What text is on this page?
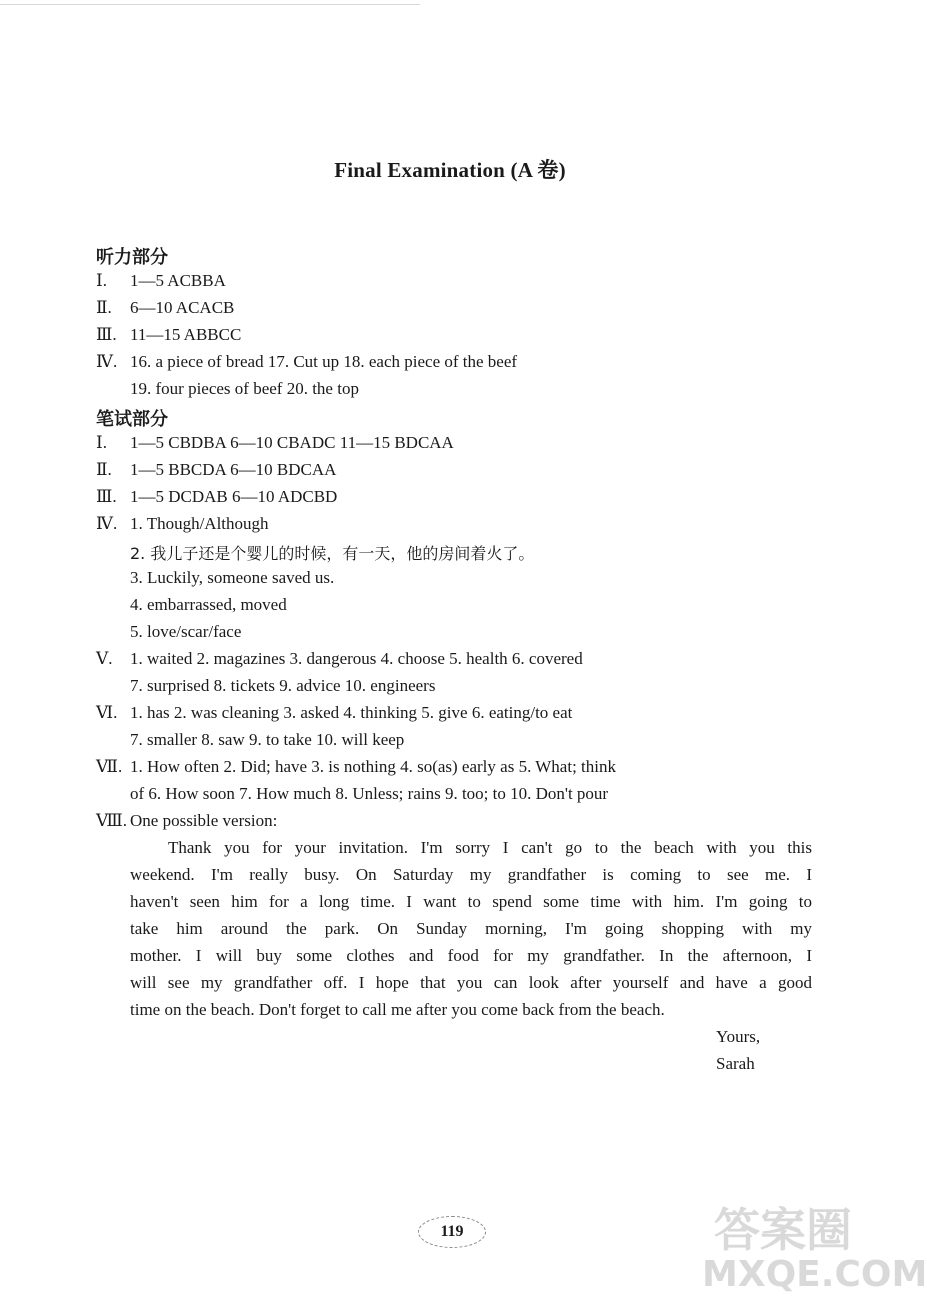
Final Examination (A 卷)
听力部分
Ⅰ. 1—5 ACBBA
Ⅱ. 6—10 ACACB
Ⅲ. 11—15 ABBCC
Ⅳ. 16. a piece of bread 17. Cut up 18. each piece of the beef
19. four pieces of beef 20. the top
笔试部分
Ⅰ. 1—5 CBDBA 6—10 CBADC 11—15 BDCAA
Ⅱ. 1—5 BBCDA 6—10 BDCAA
Ⅲ. 1—5 DCDAB 6—10 ADCBD
Ⅳ. 1. Though/Although
2. 我儿子还是个婴儿的时候，有一天，他的房间着火了。
3. Luckily, someone saved us.
4. embarrassed, moved
5. love/scar/face
Ⅴ. 1. waited 2. magazines 3. dangerous 4. choose 5. health 6. covered
7. surprised 8. tickets 9. advice 10. engineers
Ⅵ. 1. has 2. was cleaning 3. asked 4. thinking 5. give 6. eating/to eat
7. smaller 8. saw 9. to take 10. will keep
Ⅶ. 1. How often 2. Did; have 3. is nothing 4. so(as) early as 5. What; think
of 6. How soon 7. How much 8. Unless; rains 9. too; to 10. Don't pour
Ⅷ. One possible version:
Thank you for your invitation. I'm sorry I can't go to the beach with you this
weekend. I'm really busy. On Saturday my grandfather is coming to see me. I
haven't seen him for a long time. I want to spend some time with him. I'm going to
take him around the park. On Sunday morning, I'm going shopping with my
mother. I will buy some clothes and food for my grandfather. In the afternoon, I
will see my grandfather off. I hope that you can look after yourself and have a good
time on the beach. Don't forget to call me after you come back from the beach.
Yours,
Sarah
119	答案圈
MXQE.COM
